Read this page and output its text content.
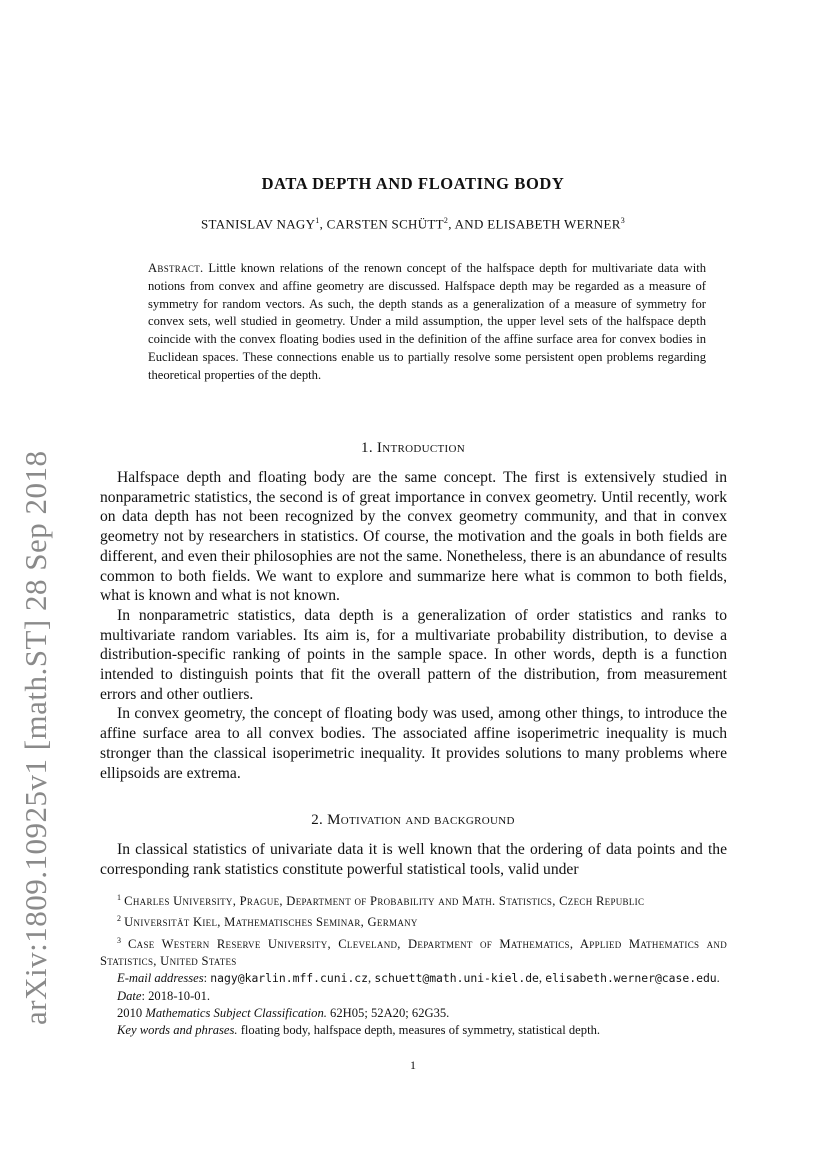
arXiv:1809.10925v1 [math.ST] 28 Sep 2018
DATA DEPTH AND FLOATING BODY
STANISLAV NAGY$^1$, CARSTEN SCHÜTT$^2$, AND ELISABETH WERNER$^3$
Abstract. Little known relations of the renown concept of the halfspace depth for multivariate data with notions from convex and affine geometry are discussed. Halfspace depth may be regarded as a measure of symmetry for random vectors. As such, the depth stands as a generalization of a measure of symmetry for convex sets, well studied in geometry. Under a mild assumption, the upper level sets of the halfspace depth coincide with the convex floating bodies used in the definition of the affine surface area for convex bodies in Euclidean spaces. These connections enable us to partially resolve some persistent open problems regarding theoretical properties of the depth.
1. Introduction

Halfspace depth and floating body are the same concept. The first is extensively studied in nonparametric statistics, the second is of great importance in convex geometry. Until recently, work on data depth has not been recognized by the convex geometry community, and that in convex geometry not by researchers in statistics. Of course, the motivation and the goals in both fields are different, and even their philosophies are not the same. Nonetheless, there is an abundance of results common to both fields. We want to explore and summarize here what is common to both fields, what is known and what is not known.

In nonparametric statistics, data depth is a generalization of order statistics and ranks to multivariate random variables. Its aim is, for a multivariate probability distribution, to devise a distribution-specific ranking of points in the sample space. In other words, depth is a function intended to distinguish points that fit the overall pattern of the distribution, from measurement errors and other outliers.

In convex geometry, the concept of floating body was used, among other things, to introduce the affine surface area to all convex bodies. The associated affine isoperimetric inequality is much stronger than the classical isoperimetric inequality. It provides solutions to many problems where ellipsoids are extrema.

2. Motivation and background

In classical statistics of univariate data it is well known that the ordering of data points and the corresponding rank statistics constitute powerful statistical tools, valid under

$^1$ Charles University, Prague, Department of Probability and Math. Statistics, Czech Republic

$^2$ Universität Kiel, Mathematisches Seminar, Germany

$^3$ Case Western Reserve University, Cleveland, Department of Mathematics, Applied Mathematics and Statistics, United States

E-mail addresses: nagy@karlin.mff.cuni.cz, schuett@math.uni-kiel.de, elisabeth.werner@case.edu.

Date: 2018-10-01.

2010 Mathematics Subject Classification. 62H05; 52A20; 62G35.

Key words and phrases. floating body, halfspace depth, measures of symmetry, statistical depth.

1
